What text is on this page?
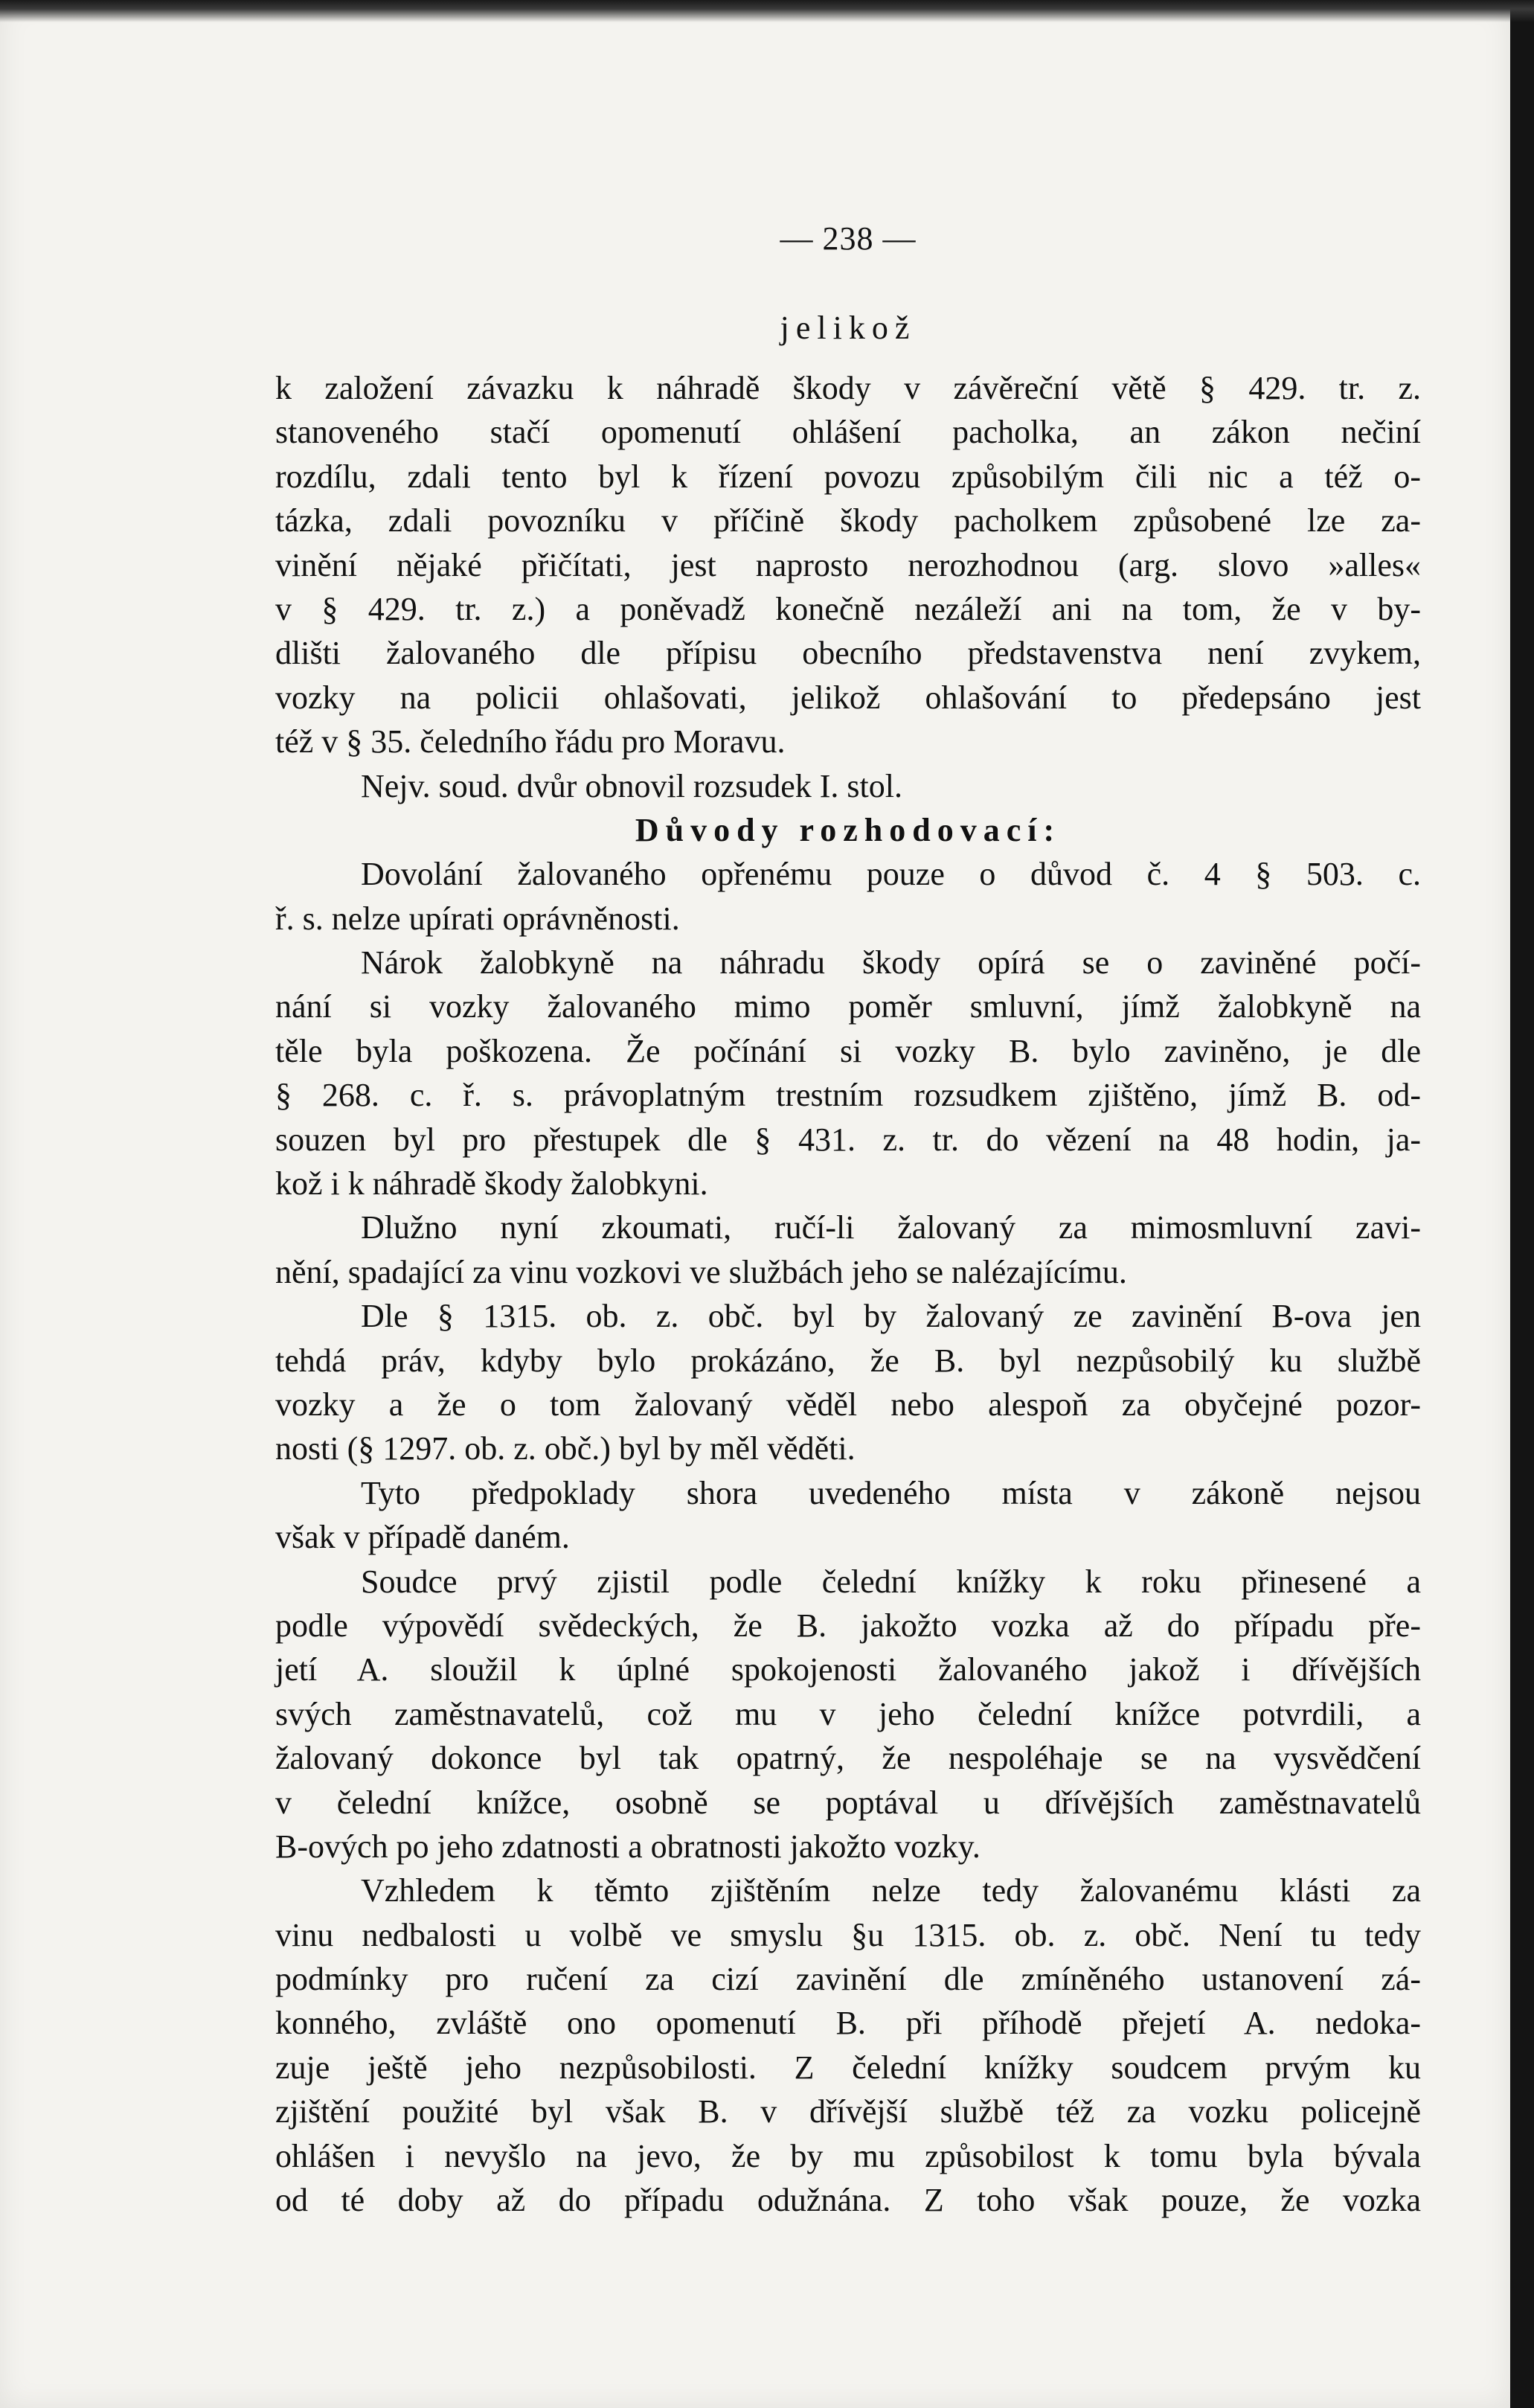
— 238 —
jelikož
k založení závazku k náhradě škody v závěreční větě § 429. tr. z.
stanoveného stačí opomenutí ohlášení pacholka, an zákon nečiní
rozdílu, zdali tento byl k řízení povozu způsobilým čili nic a též o-
tázka, zdali povozníku v příčině škody pacholkem způsobené lze za-
vinění nějaké přičítati, jest naprosto nerozhodnou (arg. slovo »alles«
v § 429. tr. z.) a poněvadž konečně nezáleží ani na tom, že v by-
dlišti žalovaného dle přípisu obecního představenstva není zvykem,
vozky na policii ohlašovati, jelikož ohlašování to předepsáno jest
též v § 35. čeledního řádu pro Moravu.
Nejv. soud. dvůr obnovil rozsudek I. stol.
Důvody rozhodovací:
Dovolání žalovaného opřenému pouze o důvod č. 4 § 503. c.
ř. s. nelze upírati oprávněnosti.
Nárok žalobkyně na náhradu škody opírá se o zaviněné počí-
nání si vozky žalovaného mimo poměr smluvní, jímž žalobkyně na
těle byla poškozena. Že počínání si vozky B. bylo zaviněno, je dle
§ 268. c. ř. s. právoplatným trestním rozsudkem zjištěno, jímž B. od-
souzen byl pro přestupek dle § 431. z. tr. do vězení na 48 hodin, ja-
kož i k náhradě škody žalobkyni.
Dlužno nyní zkoumati, ručí-li žalovaný za mimosmluvní zavi-
nění, spadající za vinu vozkovi ve službách jeho se nalézajícímu.
Dle § 1315. ob. z. obč. byl by žalovaný ze zavinění B-ova jen
tehdá práv, kdyby bylo prokázáno, že B. byl nezpůsobilý ku službě
vozky a že o tom žalovaný věděl nebo alespoň za obyčejné pozor-
nosti (§ 1297. ob. z. obč.) byl by měl věděti.
Tyto předpoklady shora uvedeného místa v zákoně nejsou
však v případě daném.
Soudce prvý zjistil podle čelední knížky k roku přinesené a
podle výpovědí svědeckých, že B. jakožto vozka až do případu pře-
jetí A. sloužil k úplné spokojenosti žalovaného jakož i dřívějších
svých zaměstnavatelů, což mu v jeho čelední knížce potvrdili, a
žalovaný dokonce byl tak opatrný, že nespoléhaje se na vysvědčení
v čelední knížce, osobně se poptával u dřívějších zaměstnavatelů
B-ových po jeho zdatnosti a obratnosti jakožto vozky.
Vzhledem k těmto zjištěním nelze tedy žalovanému klásti za
vinu nedbalosti u volbě ve smyslu §u 1315. ob. z. obč. Není tu tedy
podmínky pro ručení za cizí zavinění dle zmíněného ustanovení zá-
konného, zvláště ono opomenutí B. při příhodě přejetí A. nedoka-
zuje ještě jeho nezpůsobilosti. Z čelední knížky soudcem prvým ku
zjištění použité byl však B. v dřívější službě též za vozku policejně
ohlášen i nevyšlo na jevo, že by mu způsobilost k tomu byla bývala
od té doby až do případu odužnána. Z toho však pouze, že vozka
